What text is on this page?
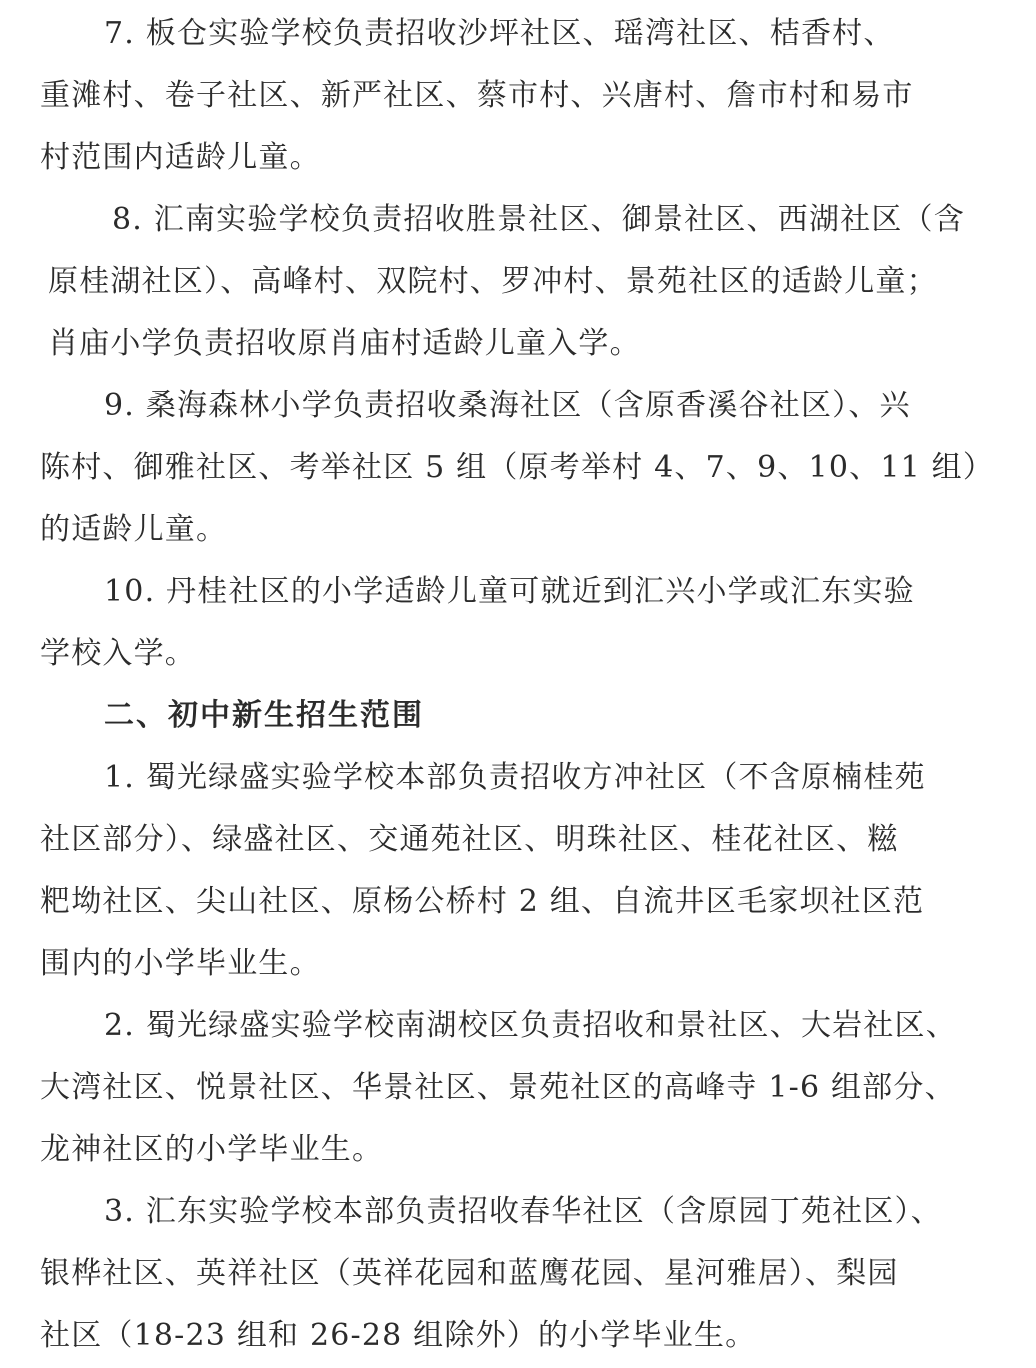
7. 板仓实验学校负责招收沙坪社区、瑶湾社区、桔香村、
重滩村、卷子社区、新严社区、蔡市村、兴唐村、詹市村和易市
村范围内适龄儿童。
8. 汇南实验学校负责招收胜景社区、御景社区、西湖社区（含
原桂湖社区）、高峰村、双院村、罗冲村、景苑社区的适龄儿童；
肖庙小学负责招收原肖庙村适龄儿童入学。
9. 桑海森林小学负责招收桑海社区（含原香溪谷社区）、兴
陈村、御雅社区、考举社区 5 组（原考举村 4、7、9、10、11 组）
的适龄儿童。
10. 丹桂社区的小学适龄儿童可就近到汇兴小学或汇东实验
学校入学。
二、初中新生招生范围
1. 蜀光绿盛实验学校本部负责招收方冲社区（不含原楠桂苑
社区部分）、绿盛社区、交通苑社区、明珠社区、桂花社区、糍
粑坳社区、尖山社区、原杨公桥村 2 组、自流井区毛家坝社区范
围内的小学毕业生。
2. 蜀光绿盛实验学校南湖校区负责招收和景社区、大岩社区、
大湾社区、悦景社区、华景社区、景苑社区的高峰寺 1-6 组部分、
龙神社区的小学毕业生。
3. 汇东实验学校本部负责招收春华社区（含原园丁苑社区）、
银桦社区、英祥社区（英祥花园和蓝鹰花园、星河雅居）、梨园
社区（18-23 组和 26-28 组除外）的小学毕业生。
